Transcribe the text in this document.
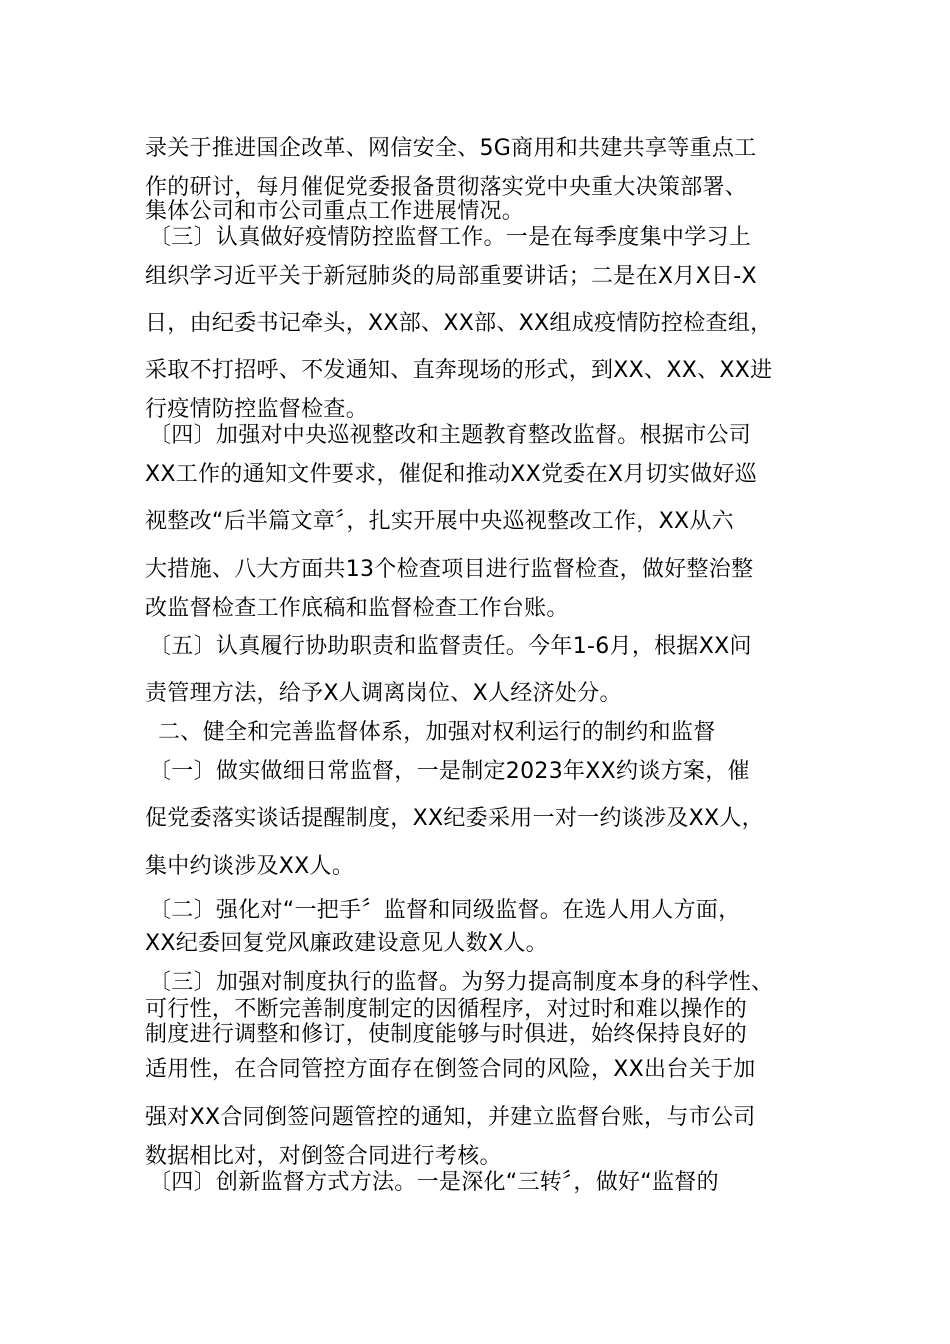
录关于推进国企改革、网信安全、5G商用和共建共享等重点工
作的研讨，每月催促党委报备贯彻落实党中央重大决策部署、
集体公司和市公司重点工作进展情况。
〔三〕认真做好疫情防控监督工作。一是在每季度集中学习上
组织学习近平关于新冠肺炎的局部重要讲话；二是在X月X日-X
日，由纪委书记牵头，XX部、XX部、XX组成疫情防控检查组，
采取不打招呼、不发通知、直奔现场的形式，到XX、XX、XX进
行疫情防控监督检查。
〔四〕加强对中央巡视整改和主题教育整改监督。根据市公司
XX工作的通知文件要求，催促和推动XX党委在X月切实做好巡
视整改“后半篇文章〞，扎实开展中央巡视整改工作，XX从六
大措施、八大方面共13个检查项目进行监督检查，做好整治整
改监督检查工作底稿和监督检查工作台账。
〔五〕认真履行协助职责和监督责任。今年1-6月，根据XX问
责管理方法，给予X人调离岗位、X人经济处分。
二、健全和完善监督体系，加强对权利运行的制约和监督
〔一〕做实做细日常监督，一是制定2023年XX约谈方案，催
促党委落实谈话提醒制度，XX纪委采用一对一约谈涉及XX人，
集中约谈涉及XX人。
〔二〕强化对“一把手〞监督和同级监督。在选人用人方面，
XX纪委回复党风廉政建设意见人数X人。
〔三〕加强对制度执行的监督。为努力提高制度本身的科学性、
可行性，不断完善制度制定的因循程序，对过时和难以操作的
制度进行调整和修订，使制度能够与时俱进，始终保持良好的
适用性，在合同管控方面存在倒签合同的风险，XX出台关于加
强对XX合同倒签问题管控的通知，并建立监督台账，与市公司
数据相比对，对倒签合同进行考核。
〔四〕创新监督方式方法。一是深化“三转〞，做好“监督的
